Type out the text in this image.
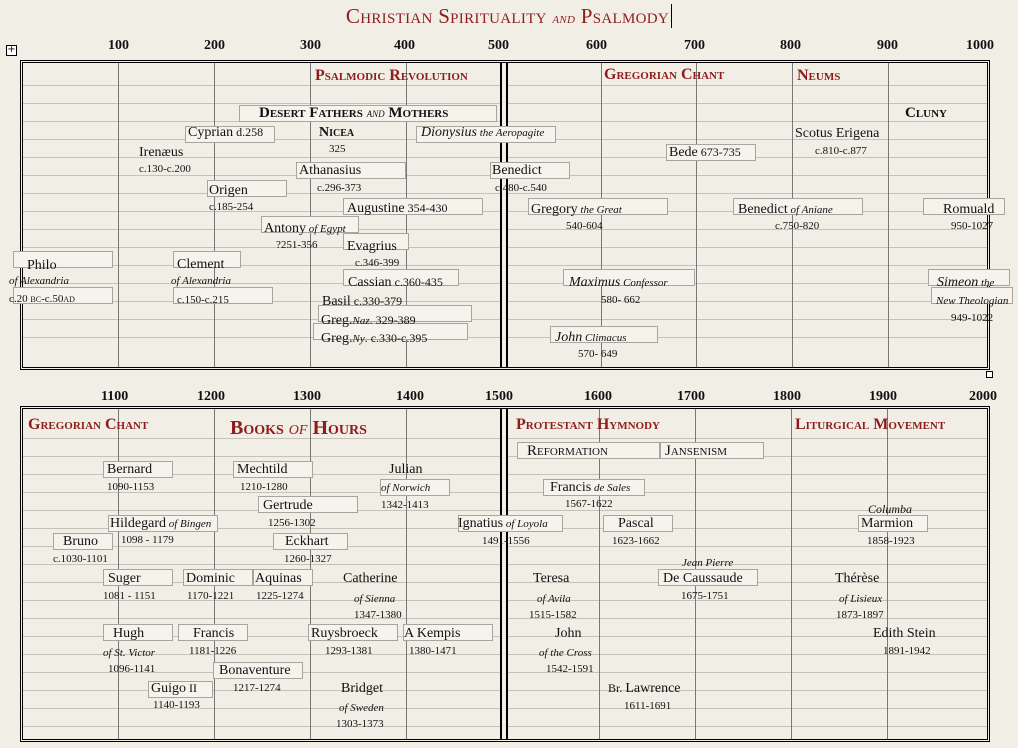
Christian Spirituality and Psalmody
+	100	200	300	400	500	600	700	800	900	1000
Psalmodic Revolution	Gregorian Chant	Neums
Desert Fathers and Mothers	Cluny
Cyprian d.258	Nicea
325
Dionysius the Aeropagite
Irenæus
c.130-c.200
Bede 673-735
Scotus Erigena
c.810-c.877
Athanasius
c.296-373
Benedict
c.480-c.540
Origen
c.185-254	Augustine 354-430	Gregory the Great
540-604
Benedict of Aniane
c.750-820
Romuald
950-1027
Antony of Egypt
?251-356 Evagrius
c.346-399
Philo
of Alexandria
c.20 bc-c.50ad
Clement
of Alexandria
c.150-c.215
Cassian c.360-435	Maximus Confessor
580- 662
Simeon the
New Theologian
949-1022
Basil c.330-379
Greg.Naz. 329-389
Greg.Ny. c.330-c.395	John Climacus
570- 649
1100	1200	1300	1400	1500	1600	1700	1800	1900	2000
Gregorian Chant	Books of Hours	Protestant Hymnody	Liturgical Movement
Reformation	Jansenism
Bernard
1090-1153
Mechtild
1210-1280
Julian
of Norwich
1342-1413
Francis de Sales
1567-1622
Gertrude
1256-1302
Columba
Hildegard of Bingen
1098 - 1179
Ignatius of Loyola
1491-1556
Pascal
1623-1662
Marmion
1858-1923
Bruno
c.1030-1101
Eckhart
1260-1327	Jean Pierre
Suger
1081 - 1151
Dominic
1170-1221
Aquinas
1225-1274
Catherine
of Sienna
1347-1380
Teresa
of Avila
1515-1582
De Caussaude
1675-1751
Thérèse
of Lisieux
1873-1897
Hugh
of St. Victor
1096-1141
Francis
1181-1226
Ruysbroeck
1293-1381
A Kempis
1380-1471
John
of the Cross
1542-1591
Edith Stein
1891-1942
Bonaventure
1217-1274
Guigo II
1140-1193
Bridget
of Sweden
1303-1373
Br. Lawrence
1611-1691
